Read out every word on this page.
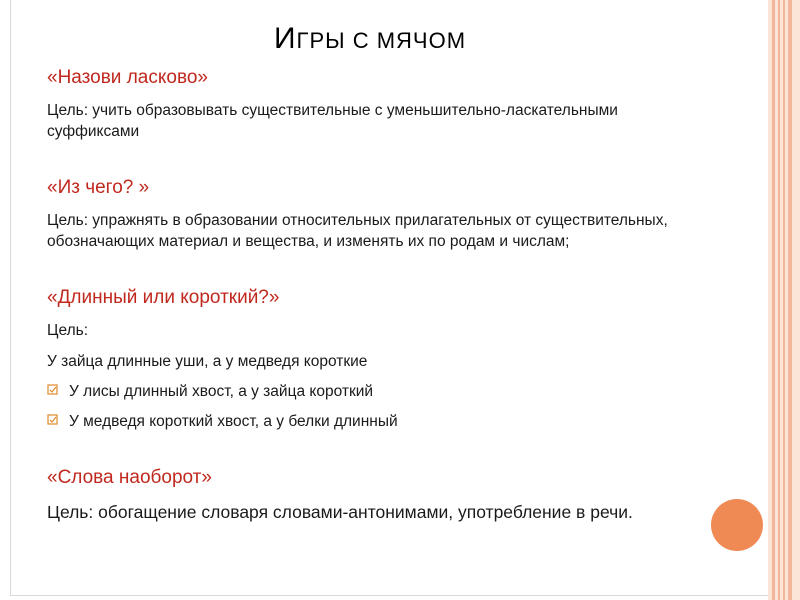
ИГРЫ С МЯЧОМ

«Назови ласково»

Цель: учить образовывать существительные с уменьшительно-ласкательными суффиксами

«Из чего? »

Цель: упражнять в образовании относительных прилагательных от существительных, обозначающих материал и вещества, и изменять их по родам и числам;

«Длинный или короткий?»

Цель:

У зайца длинные уши, а у медведя короткие

У лисы длинный хвост, а у зайца короткий

У медведя короткий хвост, а у белки длинный

«Слова наоборот»

Цель: обогащение словаря словами-антонимами, употребление в речи.
